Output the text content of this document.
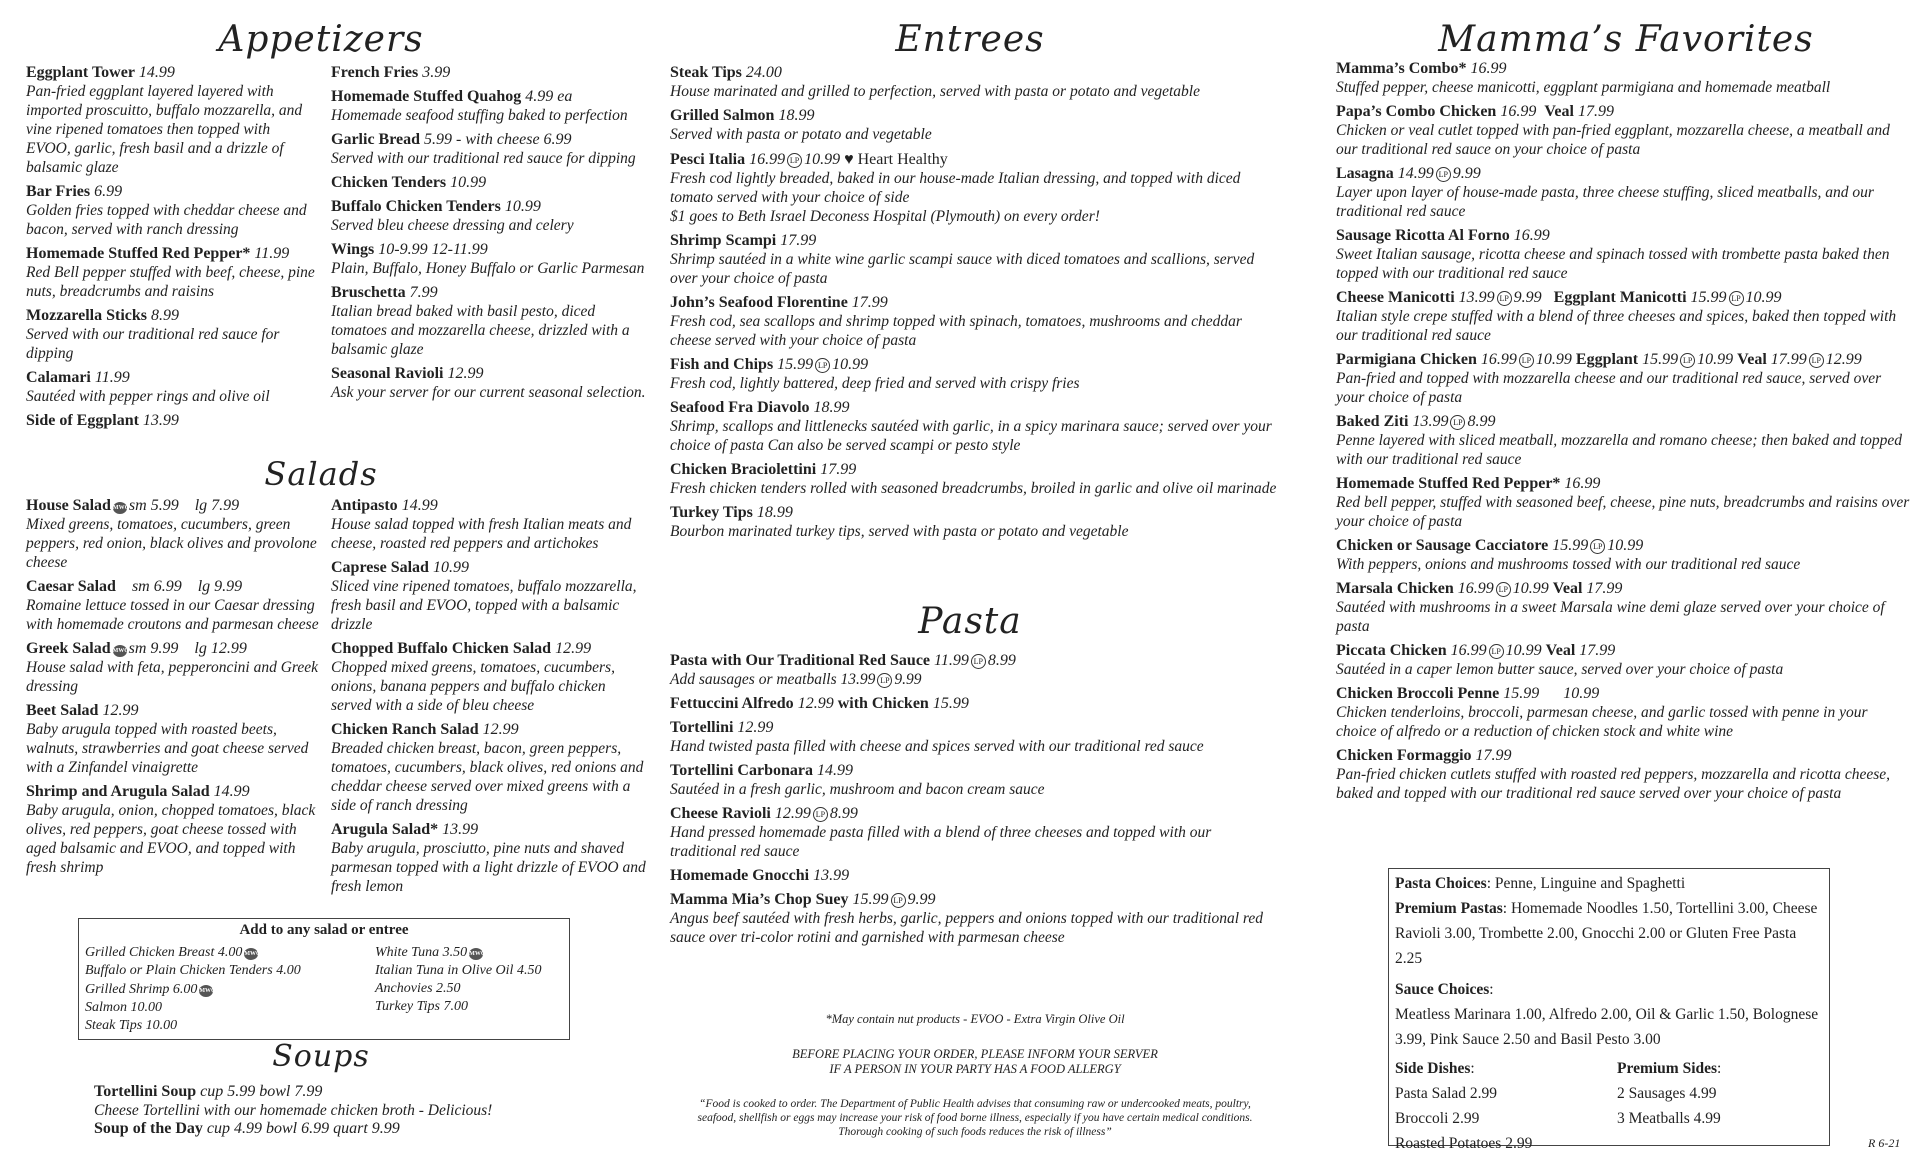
Appetizers
Eggplant Tower 14.99
Pan-fried eggplant layered layered with imported proscuitto, buffalo mozzarella, and vine ripened tomatoes then topped with EVOO, garlic, fresh basil and a drizzle of balsamic glaze
Bar Fries 6.99
Golden fries topped with cheddar cheese and bacon, served with ranch dressing
Homemade Stuffed Red Pepper* 11.99
Red Bell pepper stuffed with beef, cheese, pine nuts, breadcrumbs and raisins
Mozzarella Sticks 8.99
Served with our traditional red sauce for dipping
Calamari 11.99
Sautéed with pepper rings and olive oil
Side of Eggplant 13.99
French Fries 3.99
Homemade Stuffed Quahog 4.99 ea
Homemade seafood stuffing baked to perfection
Garlic Bread 5.99 - with cheese 6.99
Served with our traditional red sauce for dipping
Chicken Tenders 10.99
Buffalo Chicken Tenders 10.99
Served bleu cheese dressing and celery
Wings 10-9.99 12-11.99
Plain, Buffalo, Honey Buffalo or Garlic Parmesan
Bruschetta 7.99
Italian bread baked with basil pesto, diced tomatoes and mozzarella cheese, drizzled with a balsamic glaze
Seasonal Ravioli 12.99
Ask your server for our current seasonal selection.
Salads
House Salad MWOsm 5.99 lg 7.99
Mixed greens, tomatoes, cucumbers, green peppers, red onion, black olives and provolone cheese
Caesar Salad sm 6.99 lg 9.99
Romaine lettuce tossed in our Caesar dressing with homemade croutons and parmesan cheese
Greek Salad MWOsm 9.99 lg 12.99
House salad with feta, pepperoncini and Greek dressing
Beet Salad 12.99
Baby arugula topped with roasted beets, walnuts, strawberries and goat cheese served with a Zinfandel vinaigrette
Shrimp and Arugula Salad 14.99
Baby arugula, onion, chopped tomatoes, black olives, red peppers, goat cheese tossed with aged balsamic and EVOO, and topped with fresh shrimp
Antipasto 14.99
House salad topped with fresh Italian meats and cheese, roasted red peppers and artichokes
Caprese Salad 10.99
Sliced vine ripened tomatoes, buffalo mozzarella, fresh basil and EVOO, topped with a balsamic drizzle
Chopped Buffalo Chicken Salad 12.99
Chopped mixed greens, tomatoes, cucumbers, onions, banana peppers and buffalo chicken served with a side of bleu cheese
Chicken Ranch Salad 12.99
Breaded chicken breast, bacon, green peppers, tomatoes, cucumbers, black olives, red onions and cheddar cheese served over mixed greens with a side of ranch dressing
Arugula Salad* 13.99
Baby arugula, prosciutto, pine nuts and shaved parmesan topped with a light drizzle of EVOO and fresh lemon
Add to any salad or entree
Grilled Chicken Breast 4.00 MWO

Buffalo or Plain Chicken Tenders 4.00
Grilled Shrimp 6.00 MWO

Salmon 10.00
Steak Tips 10.00
White Tuna 3.50 MWO

Italian Tuna in Olive Oil 4.50
Anchovies 2.50
Turkey Tips 7.00
Soups
Tortellini Soup cup 5.99 bowl 7.99
Cheese Tortellini with our homemade chicken broth - Delicious!
Soup of the Day cup 4.99 bowl 6.99 quart 9.99
Entrees
Steak Tips 24.00
House marinated and grilled to perfection, served with pasta or potato and vegetable
Grilled Salmon 18.99
Served with pasta or potato and vegetable
Pesci Italia 16.99 LP 10.99 ♥ Heart Healthy
Fresh cod lightly breaded, baked in our house-made Italian dressing, and topped with diced tomato served with your choice of side
$1 goes to Beth Israel Deconess Hospital (Plymouth) on every order!
Shrimp Scampi 17.99
Shrimp sautéed in a white wine garlic scampi sauce with diced tomatoes and scallions, served over your choice of pasta
John’s Seafood Florentine 17.99
Fresh cod, sea scallops and shrimp topped with spinach, tomatoes, mushrooms and cheddar cheese served with your choice of pasta
Fish and Chips 15.99 LP 10.99
Fresh cod, lightly battered, deep fried and served with crispy fries
Seafood Fra Diavolo 18.99
Shrimp, scallops and littlenecks sautéed with garlic, in a spicy marinara sauce; served over your choice of pasta Can also be served scampi or pesto style
Chicken Braciolettini 17.99
Fresh chicken tenders rolled with seasoned breadcrumbs, broiled in garlic and olive oil marinade
Turkey Tips 18.99
Bourbon marinated turkey tips, served with pasta or potato and vegetable
Pasta
Pasta with Our Traditional Red Sauce 11.99 LP 8.99
Add sausages or meatballs 13.99 LP 9.99
Fettuccini Alfredo 12.99 with Chicken 15.99
Tortellini 12.99
Hand twisted pasta filled with cheese and spices served with our traditional red sauce
Tortellini Carbonara 14.99
Sautéed in a fresh garlic, mushroom and bacon cream sauce
Cheese Ravioli 12.99 LP 8.99
Hand pressed homemade pasta filled with a blend of three cheeses and topped with our traditional red sauce
Homemade Gnocchi 13.99
Mamma Mia’s Chop Suey 15.99 LP 9.99
Angus beef sautéed with fresh herbs, garlic, peppers and onions topped with our traditional red sauce over tri-color rotini and garnished with parmesan cheese
*May contain nut products - EVOO - Extra Virgin Olive Oil
BEFORE PLACING YOUR ORDER, PLEASE INFORM YOUR SERVER
IF A PERSON IN YOUR PARTY HAS A FOOD ALLERGY
“Food is cooked to order. The Department of Public Health advises that consuming raw or undercooked meats, poultry, seafood, shellfish or eggs may increase your risk of food borne illness, especially if you have certain medical conditions. Thorough cooking of such foods reduces the risk of illness”
Mamma’s Favorites
Mamma’s Combo* 16.99
Stuffed pepper, cheese manicotti, eggplant parmigiana and homemade meatball
Papa’s Combo Chicken 16.99 Veal 17.99
Chicken or veal cutlet topped with pan-fried eggplant, mozzarella cheese, a meatball and our traditional red sauce on your choice of pasta
Lasagna 14.99 LP 9.99
Layer upon layer of house-made pasta, three cheese stuffing, sliced meatballs, and our traditional red sauce
Sausage Ricotta Al Forno 16.99
Sweet Italian sausage, ricotta cheese and spinach tossed with trombette pasta baked then topped with our traditional red sauce
Cheese Manicotti 13.99 LP 9.99 Eggplant Manicotti 15.99 LP 10.99
Italian style crepe stuffed with a blend of three cheeses and spices, baked then topped with our traditional red sauce
Parmigiana Chicken 16.99 LP 10.99 Eggplant 15.99 LP 10.99 Veal 17.99 LP 12.99
Pan-fried and topped with mozzarella cheese and our traditional red sauce, served over your choice of pasta
Baked Ziti 13.99 LP 8.99
Penne layered with sliced meatball, mozzarella and romano cheese; then baked and topped with our traditional red sauce
Homemade Stuffed Red Pepper* 16.99
Red bell pepper, stuffed with seasoned beef, cheese, pine nuts, breadcrumbs and raisins over your choice of pasta
Chicken or Sausage Cacciatore 15.99 LP 10.99
With peppers, onions and mushrooms tossed with our traditional red sauce
Marsala Chicken 16.99 LP 10.99 Veal 17.99
Sautéed with mushrooms in a sweet Marsala wine demi glaze served over your choice of pasta
Piccata Chicken 16.99 LP 10.99 Veal 17.99
Sautéed in a caper lemon butter sauce, served over your choice of pasta
Chicken Broccoli Penne 15.99 10.99
Chicken tenderloins, broccoli, parmesan cheese, and garlic tossed with penne in your choice of alfredo or a reduction of chicken stock and white wine
Chicken Formaggio 17.99
Pan-fried chicken cutlets stuffed with roasted red peppers, mozzarella and ricotta cheese, baked and topped with our traditional red sauce served over your choice of pasta
Pasta Choices: Penne, Linguine and Spaghetti
Premium Pastas: Homemade Noodles 1.50, Tortellini 3.00, Cheese Ravioli 3.00, Trombette 2.00, Gnocchi 2.00 or Gluten Free Pasta 2.25
Sauce Choices:
Meatless Marinara 1.00, Alfredo 2.00, Oil & Garlic 1.50, Bolognese 3.99, Pink Sauce 2.50 and Basil Pesto 3.00
Side Dishes:
Pasta Salad 2.99
Broccoli 2.99
Roasted Potatoes 2.99
Premium Sides:
2 Sausages 4.99
3 Meatballs 4.99
R 6-21
